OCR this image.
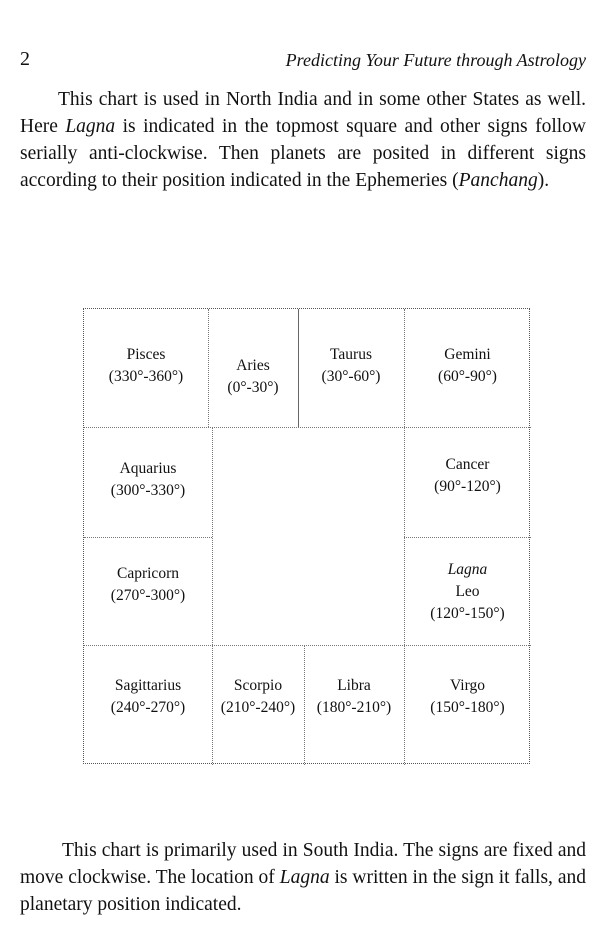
2	Predicting Your Future through Astrology

This chart is used in North India and in some other States as well. Here Lagna is indicated in the topmost square and other signs follow serially anti-clockwise. Then planets are posited in different signs according to their position indicated in the Ephemeries (Panchang).

Pisces
(330°-360°)
Aries
(0°-30°)
Taurus
(30°-60°)
Gemini
(60°-90°)
Aquarius
(300°-330°)
Cancer
(90°-120°)
Capricorn
(270°-300°)
Lagna
Leo
(120°-150°)
Sagittarius
(240°-270°)
Scorpio
(210°-240°)
Libra
(180°-210°)
Virgo
(150°-180°)

This chart is primarily used in South India. The signs are fixed and move clockwise. The location of Lagna is written in the sign it falls, and planetary position indicated.
